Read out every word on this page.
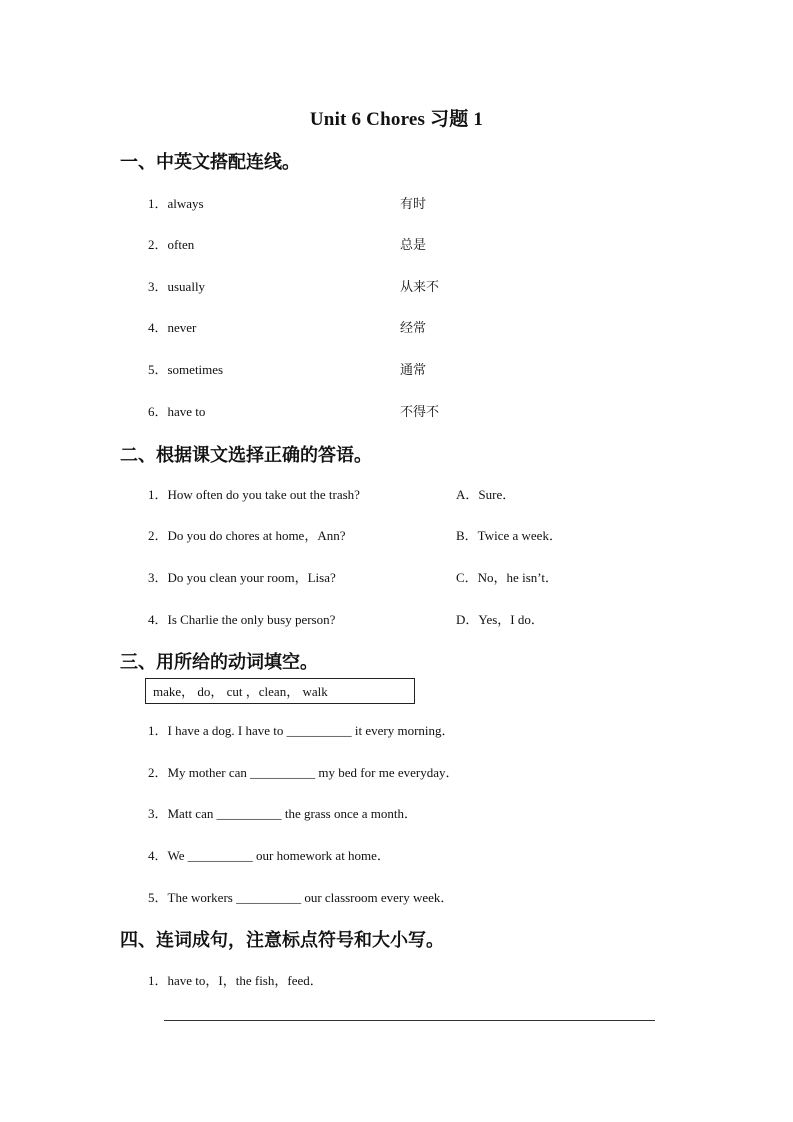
Unit 6 Chores 习题 1
一、中英文搭配连线。
1．always
2．often
3．usually
4．never
5．sometimes
6．have to
有时
总是
从来不
经常
通常
不得不
二、根据课文选择正确的答语。
1．How often do you take out the trash?
2．Do you do chores at home，Ann?
3．Do you clean your room，Lisa?
4．Is Charlie the only busy person?
A．Sure．
B．Twice a week．
C．No，he isn’t．
D．Yes，I do．
三、用所给的动词填空。
make， do， cut ，clean， walk
1．I have a dog. I have to __________ it every morning．
2．My mother can __________ my bed for me everyday．
3．Matt can __________ the grass once a month．
4．We __________ our homework at home．
5．The workers __________ our classroom every week．
四、连词成句，注意标点符号和大小写。
1．have to，I，the fish，feed．
